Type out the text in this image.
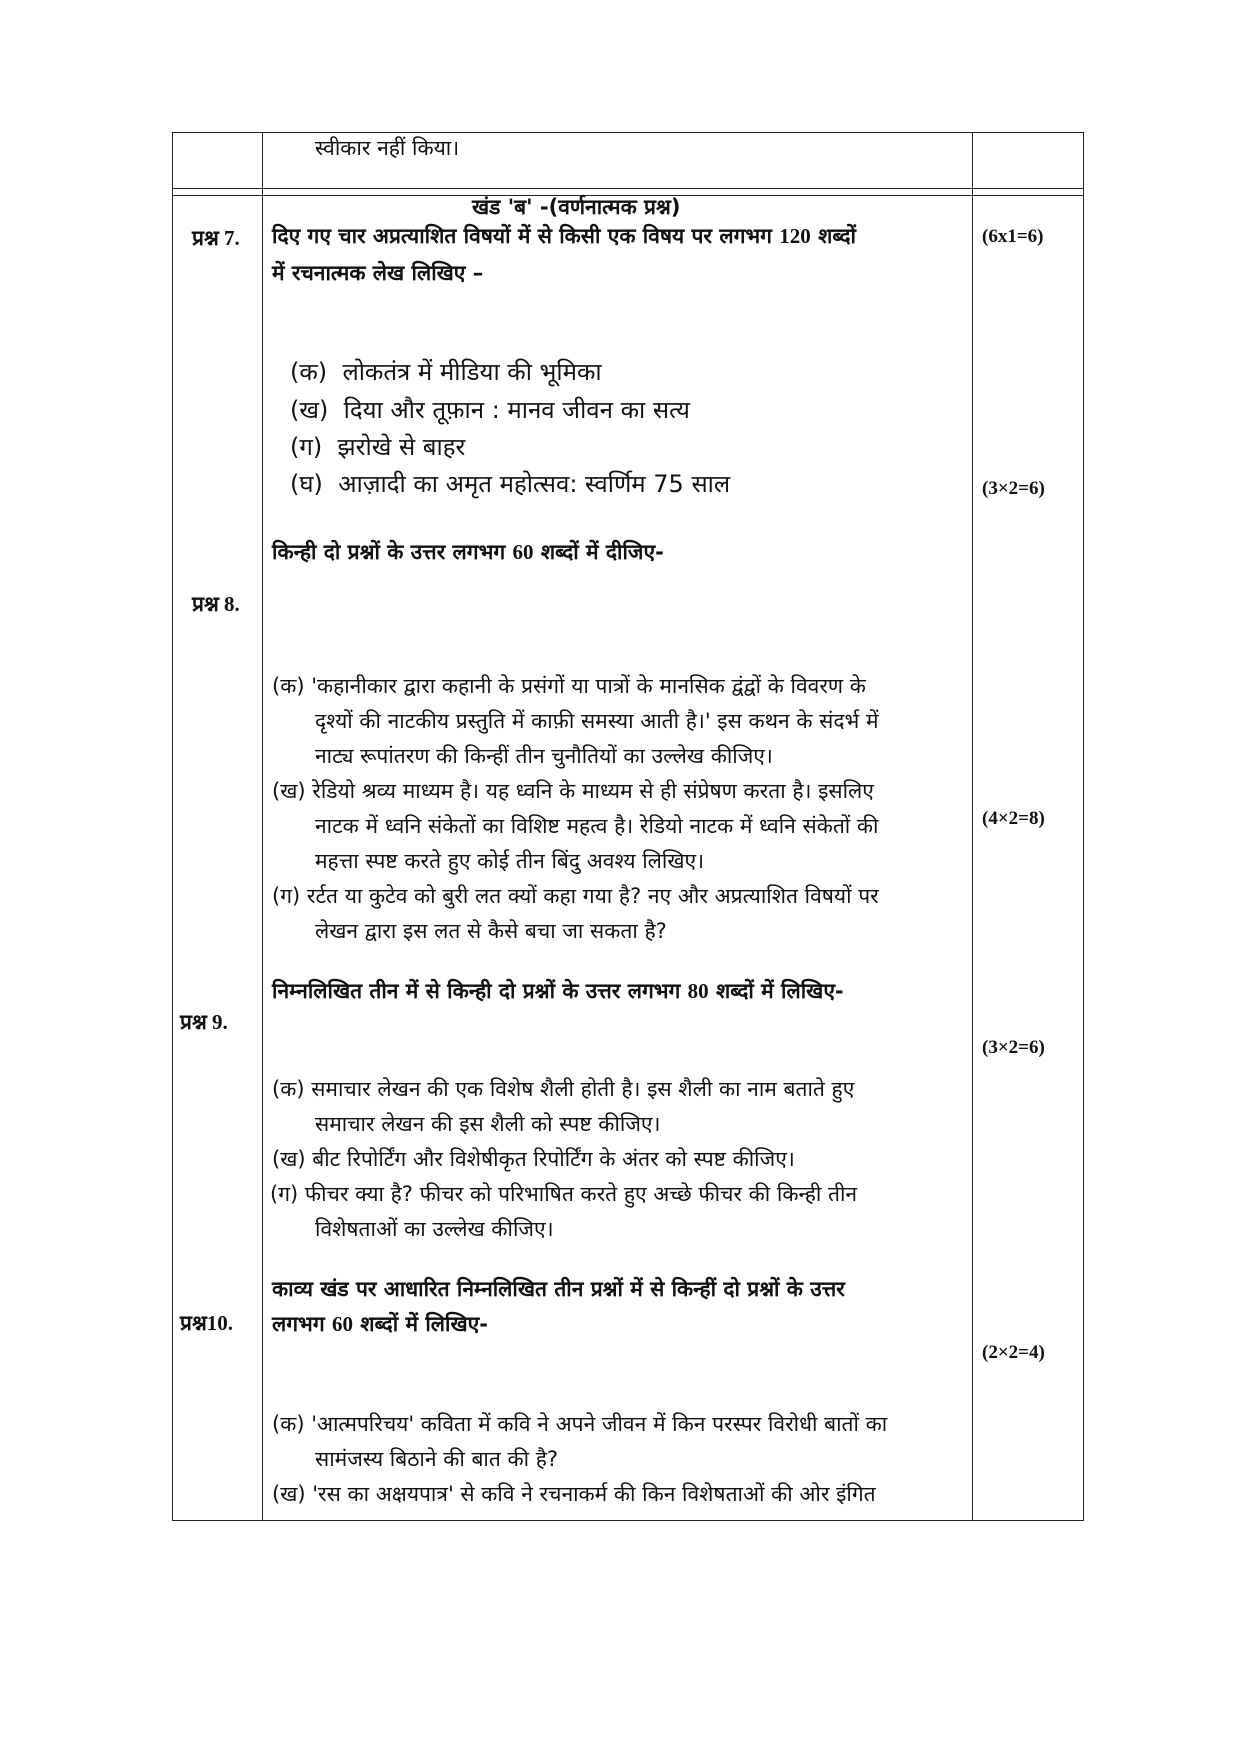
स्वीकार नहीं किया।
खंड 'ब' -(वर्णनात्मक प्रश्न)
प्रश्न 7. दिए गए चार अप्रत्याशित विषयों में से किसी एक विषय पर लगभग 120 शब्दों
में रचनात्मक लेख लिखिए –
(6x1=6)
(क) लोकतंत्र में मीडिया की भूमिका
(ख) दिया और तूफ़ान : मानव जीवन का सत्य
(ग) झरोखे से बाहर
(घ) आज़ादी का अमृत महोत्सव: स्वर्णिम 75 साल	(3×2=6)
किन्ही दो प्रश्नों के उत्तर लगभग 60 शब्दों में दीजिए-
प्रश्न 8.
(क) 'कहानीकार द्वारा कहानी के प्रसंगों या पात्रों के मानसिक द्वंद्वों के विवरण के
दृश्यों की नाटकीय प्रस्तुति में काफ़ी समस्या आती है।' इस कथन के संदर्भ में
नाट्य रूपांतरण की किन्हीं तीन चुनौतियों का उल्लेख कीजिए।
(ख) रेडियो श्रव्य माध्यम है। यह ध्वनि के माध्यम से ही संप्रेषण करता है। इसलिए
नाटक में ध्वनि संकेतों का विशिष्ट महत्व है। रेडियो नाटक में ध्वनि संकेतों की
महत्ता स्पष्ट करते हुए कोई तीन बिंदु अवश्य लिखिए।
(ग) रर्टत या कुटेव को बुरी लत क्यों कहा गया है? नए और अप्रत्याशित विषयों पर
लेखन द्वारा इस लत से कैसे बचा जा सकता है?
(4×2=8)
निम्नलिखित तीन में से किन्ही दो प्रश्नों के उत्तर लगभग 80 शब्दों में लिखिए-
प्रश्न 9.
(3×2=6)
(क) समाचार लेखन की एक विशेष शैली होती है। इस शैली का नाम बताते हुए
समाचार लेखन की इस शैली को स्पष्ट कीजिए।
(ख) बीट रिपोर्टिंग और विशेषीकृत रिपोर्टिंग के अंतर को स्पष्ट कीजिए।
(ग) फीचर क्या है? फीचर को परिभाषित करते हुए अच्छे फीचर की किन्ही तीन
विशेषताओं का उल्लेख कीजिए।
काव्य खंड पर आधारित निम्नलिखित तीन प्रश्नों में से किन्हीं दो प्रश्नों के उत्तर
लगभग 60 शब्दों में लिखिए-
प्रश्न10.
(2×2=4)
(क) 'आत्मपरिचय' कविता में कवि ने अपने जीवन में किन परस्पर विरोधी बातों का
सामंजस्य बिठाने की बात की है?
(ख) 'रस का अक्षयपात्र' से कवि ने रचनाकर्म की किन विशेषताओं की ओर इंगित
